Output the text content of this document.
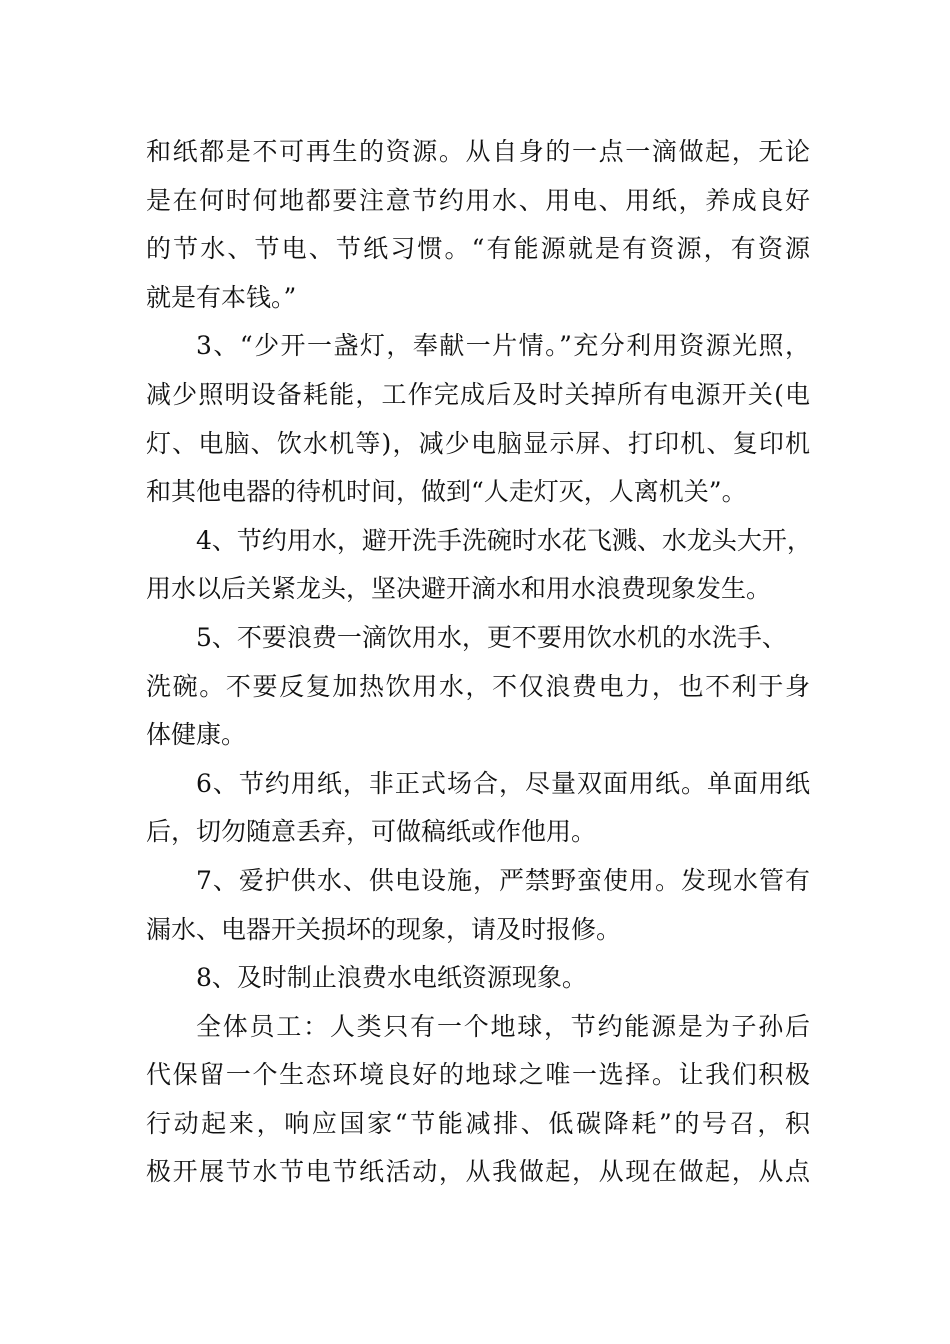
和纸都是不可再生的资源。从自身的一点一滴做起，无论
是在何时何地都要注意节约用水、用电、用纸，养成良好
的节水、节电、节纸习惯。“有能源就是有资源，有资源
就是有本钱。”
3、“少开一盏灯，奉献一片情。”充分利用资源光照，
减少照明设备耗能，工作完成后及时关掉所有电源开关(电
灯、电脑、饮水机等)，减少电脑显示屏、打印机、复印机
和其他电器的待机时间，做到“人走灯灭，人离机关”。
4、节约用水，避开洗手洗碗时水花飞溅、水龙头大开，
用水以后关紧龙头，坚决避开滴水和用水浪费现象发生。
5、不要浪费一滴饮用水，更不要用饮水机的水洗手、
洗碗。不要反复加热饮用水，不仅浪费电力，也不利于身
体健康。
6、节约用纸，非正式场合，尽量双面用纸。单面用纸
后，切勿随意丢弃，可做稿纸或作他用。
7、爱护供水、供电设施，严禁野蛮使用。发现水管有
漏水、电器开关损坏的现象，请及时报修。
8、及时制止浪费水电纸资源现象。
全体员工：人类只有一个地球，节约能源是为子孙后
代保留一个生态环境良好的地球之唯一选择。让我们积极
行动起来，响应国家“节能减排、低碳降耗”的号召，积
极开展节水节电节纸活动，从我做起，从现在做起，从点
